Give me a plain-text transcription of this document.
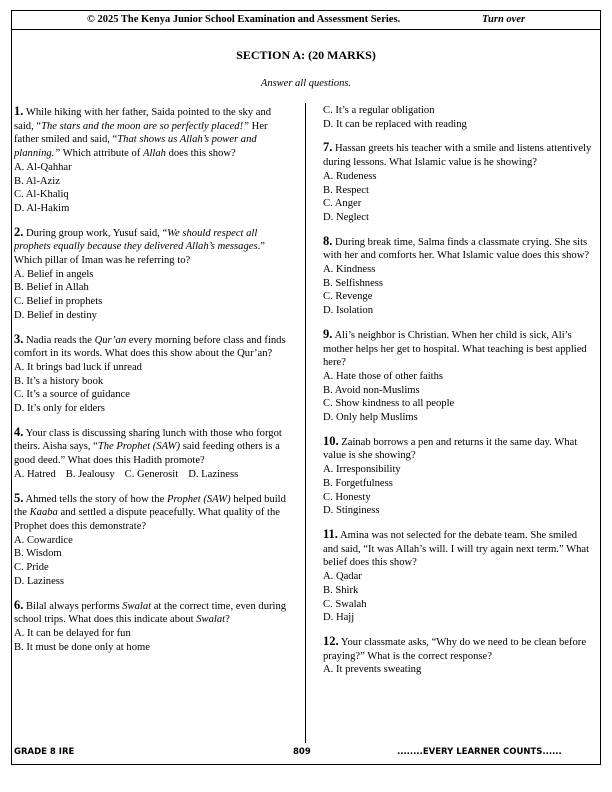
© 2025 The Kenya Junior School Examination and Assessment Series.	Turn over
SECTION A: (20 MARKS)
Answer all questions.
1. While hiking with her father, Saida pointed to the sky and said, “The stars and the moon are so perfectly placed!” Her father smiled and said, “That shows us Allah’s power and planning.” Which attribute of Allah does this show?
A. Al-Qahhar
B. Al-Aziz
C. Al-Khaliq
D. Al-Hakim
2. During group work, Yusuf said, “We should respect all prophets equally because they delivered Allah’s messages.” Which pillar of Iman was he referring to?
A. Belief in angels
B. Belief in Allah
C. Belief in prophets
D. Belief in destiny
3. Nadia reads the Qur’an every morning before class and finds comfort in its words. What does this show about the Qur’an?
A. It brings bad luck if unread
B. It’s a history book
C. It’s a source of guidance
D. It’s only for elders
4. Your class is discussing sharing lunch with those who forgot theirs. Aisha says, “The Prophet (SAW) said feeding others is a good deed.” What does this Hadith promote?
A. Hatred B. Jealousy C. Generosit D. Laziness
5. Ahmed tells the story of how the Prophet (SAW) helped build the Kaaba and settled a dispute peacefully. What quality of the Prophet does this demonstrate?
A. Cowardice
B. Wisdom
C. Pride
D. Laziness
6. Bilal always performs Swalat at the correct time, even during school trips. What does this indicate about Swalat?
A. It can be delayed for fun
B. It must be done only at home
C. It’s a regular obligation
D. It can be replaced with reading
7. Hassan greets his teacher with a smile and listens attentively during lessons. What Islamic value is he showing?
A. Rudeness
B. Respect
C. Anger
D. Neglect
8. During break time, Salma finds a classmate crying. She sits with her and comforts her. What Islamic value does this show?
A. Kindness
B. Selfishness
C. Revenge
D. Isolation
9. Ali’s neighbor is Christian. When her child is sick, Ali’s mother helps her get to hospital. What teaching is best applied here?
A. Hate those of other faiths
B. Avoid non-Muslims
C. Show kindness to all people
D. Only help Muslims
10. Zainab borrows a pen and returns it the same day. What value is she showing?
A. Irresponsibility
B. Forgetfulness
C. Honesty
D. Stinginess
11. Amina was not selected for the debate team. She smiled and said, “It was Allah’s will. I will try again next term.” What belief does this show?
A. Qadar
B. Shirk
C. Swalah
D. Hajj
12. Your classmate asks, “Why do we need to be clean before praying?” What is the correct response?
A. It prevents sweating
GRADE 8 IRE	809	........EVERY LEARNER COUNTS......
